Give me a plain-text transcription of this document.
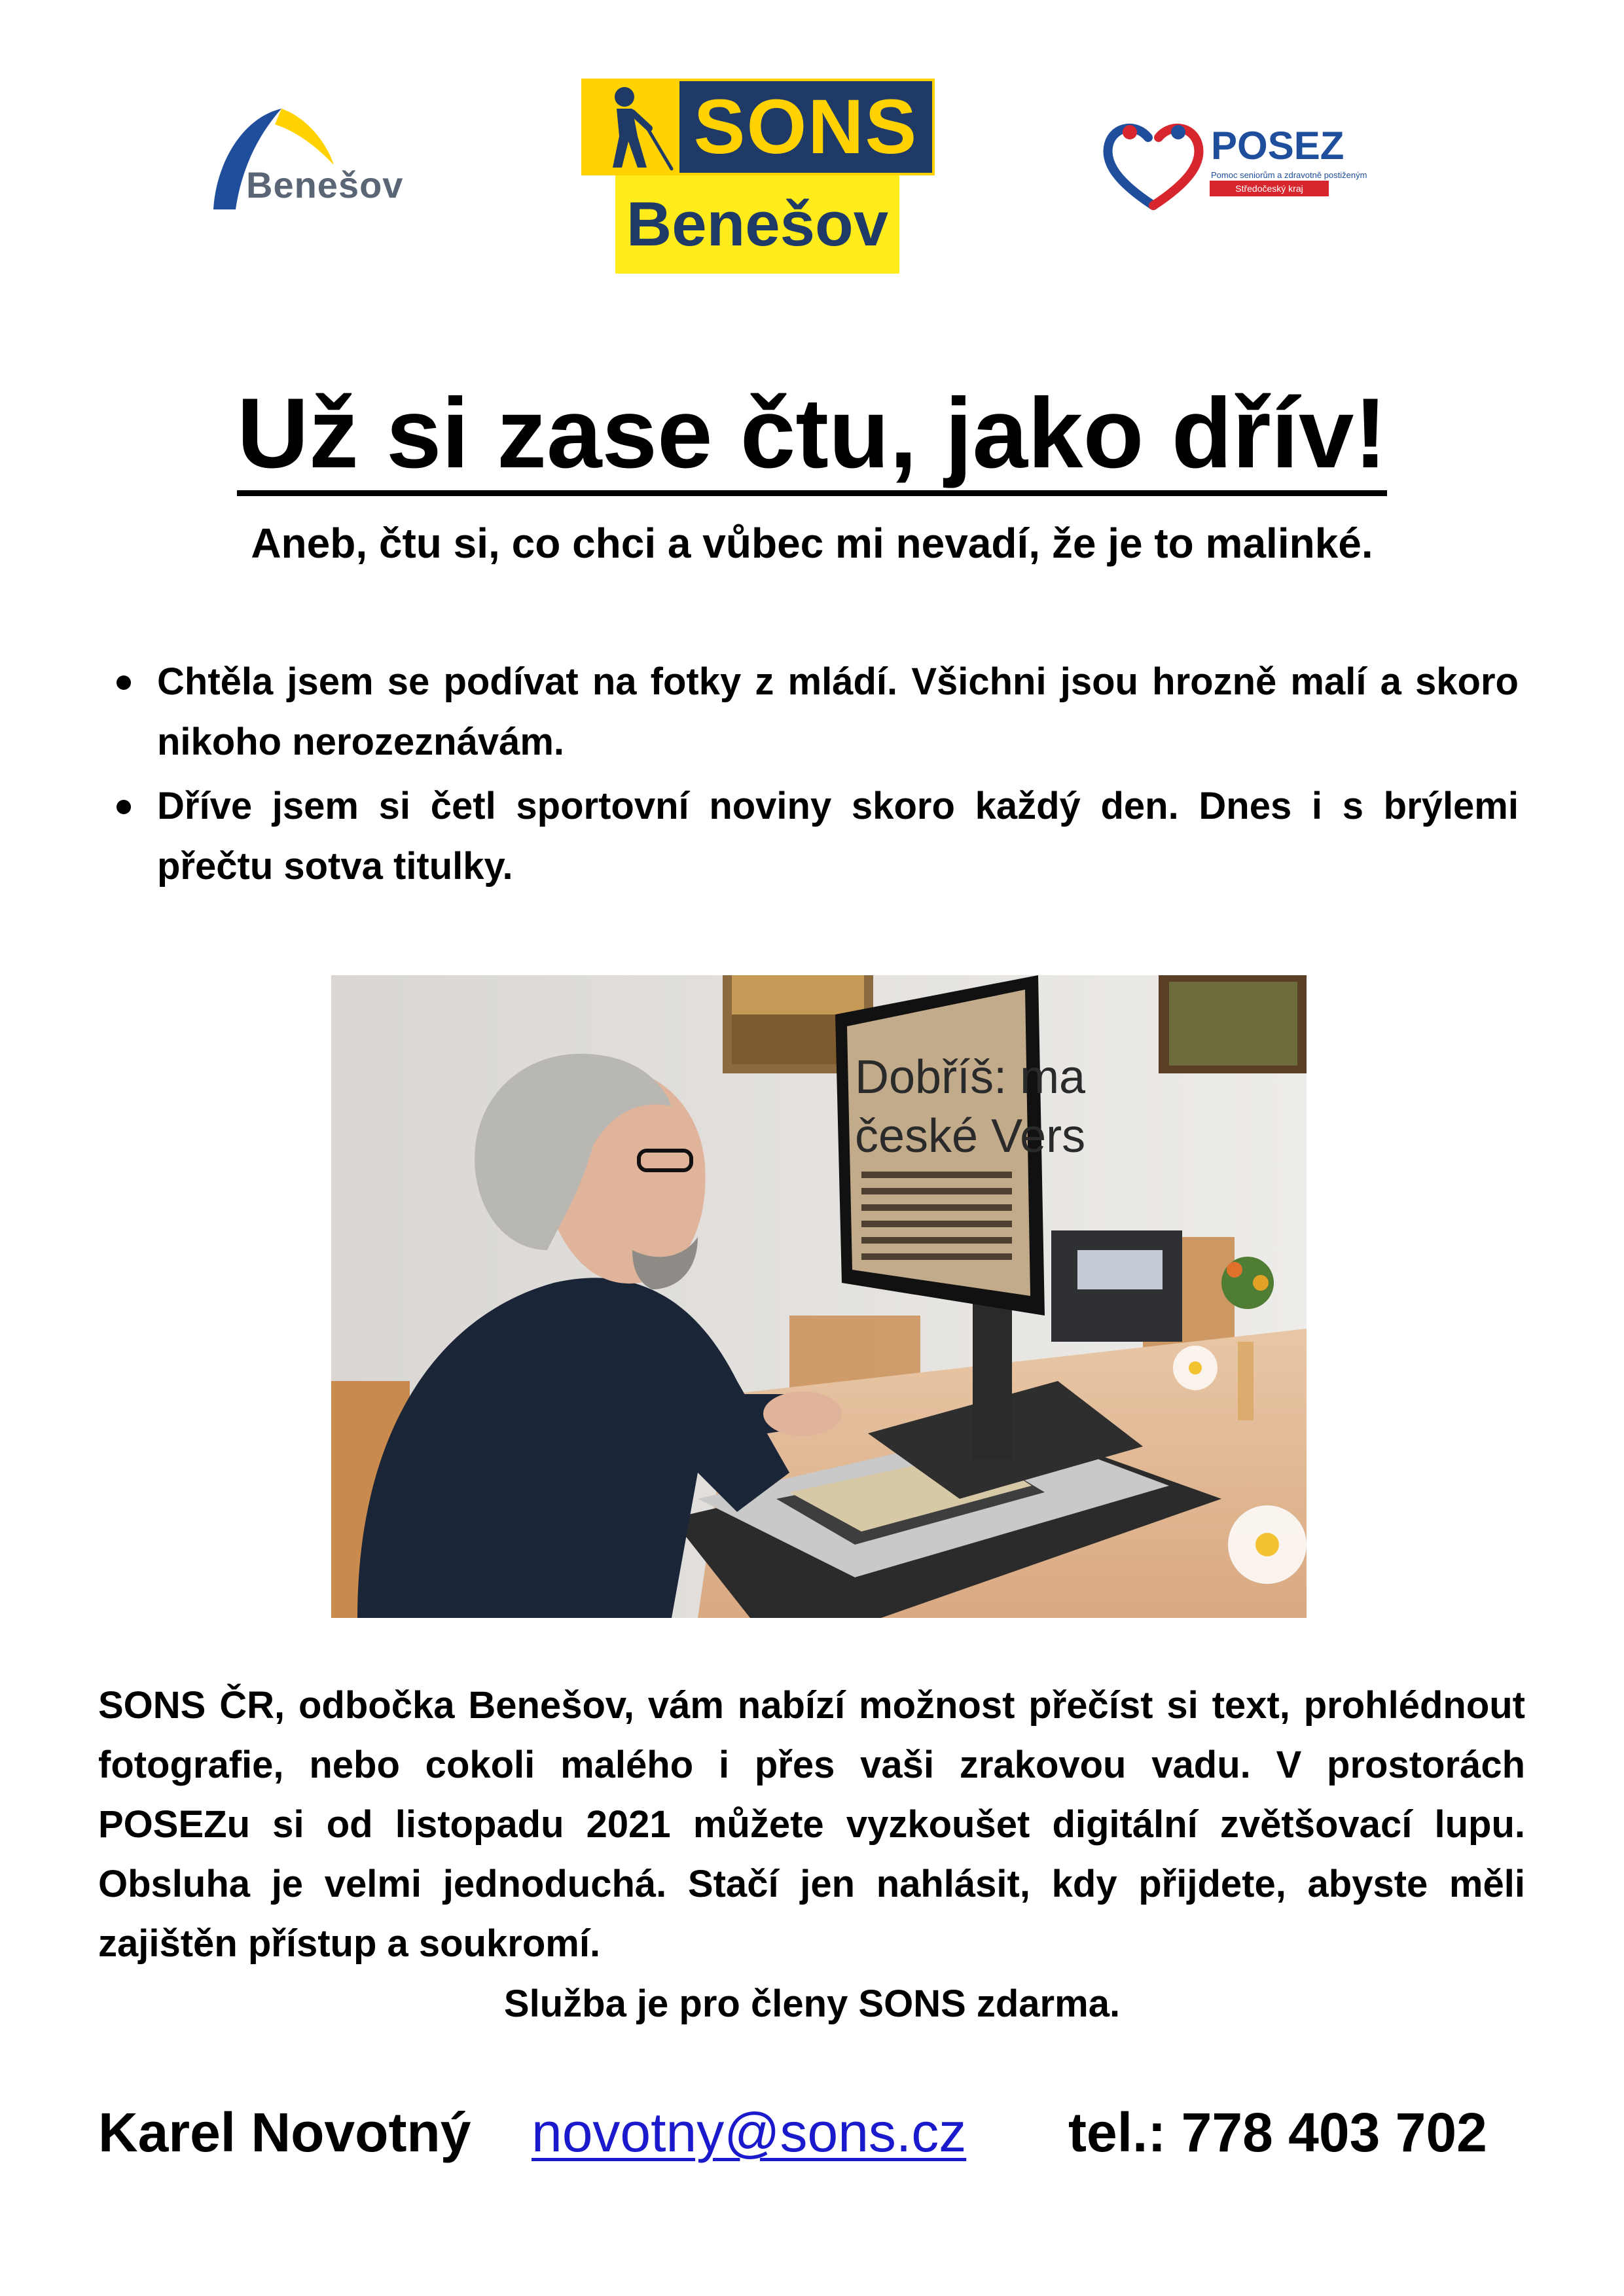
Benešov
SONS
Benešov
POSEZ
Pomoc seniorům a zdravotně postiženým
Středočeský kraj
Už si zase čtu, jako dřív!
Aneb, čtu si, co chci a vůbec mi nevadí, že je to malinké.
Chtěla jsem se podívat na fotky z mládí. Všichni jsou hrozně malí a skoro nikoho nerozeznávám.
Dříve jsem si četl sportovní noviny skoro každý den. Dnes i s brýlemi přečtu sotva titulky.
Dobříš: ma
české Vers
SONS ČR, odbočka Benešov, vám nabízí možnost přečíst si text, prohlédnout fotografie, nebo cokoli malého i přes vaši zrakovou vadu. V prostorách POSEZu si od listopadu 2021 můžete vyzkoušet digitální zvětšovací lupu. Obsluha je velmi jednoduchá. Stačí jen nahlásit, kdy přijdete, abyste měli zajištěn přístup a soukromí.
Služba je pro členy SONS zdarma.
Karel Novotný novotny@sons.cz tel.: 778 403 702
